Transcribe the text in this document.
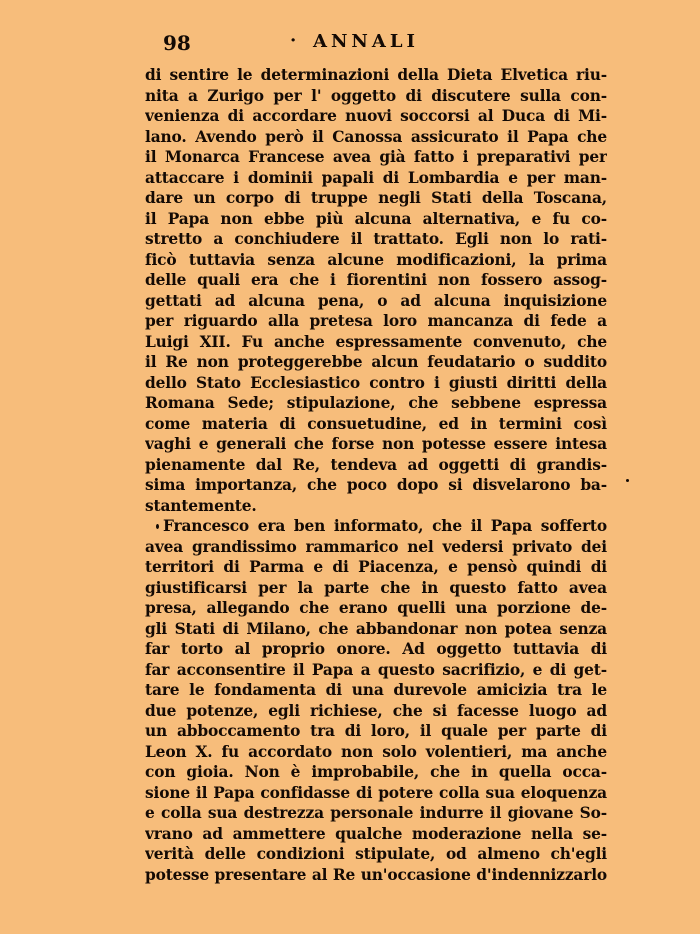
98
·	ANNALI
di sentire le determinazioni della Dieta Elvetica riu-
nita a Zurigo per l' oggetto di discutere sulla con-
venienza di accordare nuovi soccorsi al Duca di Mi-
lano. Avendo però il Canossa assicurato il Papa che
il Monarca Francese avea già fatto i preparativi per
attaccare i dominii papali di Lombardia e per man-
dare un corpo di truppe negli Stati della Toscana,
il Papa non ebbe più alcuna alternativa, e fu co-
stretto a conchiudere il trattato. Egli non lo rati-
ficò tuttavia senza alcune modificazioni, la prima
delle quali era che i fiorentini non fossero assog-
gettati ad alcuna pena, o ad alcuna inquisizione
per riguardo alla pretesa loro mancanza di fede a
Luigi XII. Fu anche espressamente convenuto, che
il Re non proteggerebbe alcun feudatario o suddito
dello Stato Ecclesiastico contro i giusti diritti della
Romana Sede; stipulazione, che sebbene espressa
come materia di consuetudine, ed in termini così
vaghi e generali che forse non potesse essere intesa
pienamente dal Re, tendeva ad oggetti di grandis-
sima importanza, che poco dopo si disvelarono ba-
stantemente.
Francesco era ben informato, che il Papa sofferto
avea grandissimo rammarico nel vedersi privato dei
territori di Parma e di Piacenza, e pensò quindi di
giustificarsi per la parte che in questo fatto avea
presa, allegando che erano quelli una porzione de-
gli Stati di Milano, che abbandonar non potea senza
far torto al proprio onore. Ad oggetto tuttavia di
far acconsentire il Papa a questo sacrifizio, e di get-
tare le fondamenta di una durevole amicizia tra le
due potenze, egli richiese, che si facesse luogo ad
un abboccamento tra di loro, il quale per parte di
Leon X. fu accordato non solo volentieri, ma anche
con gioia. Non è improbabile, che in quella occa-
sione il Papa confidasse di potere colla sua eloquenza
e colla sua destrezza personale indurre il giovane So-
vrano ad ammettere qualche moderazione nella se-
verità delle condizioni stipulate, od almeno ch'egli
potesse presentare al Re un'occasione d'indennizzarlo
